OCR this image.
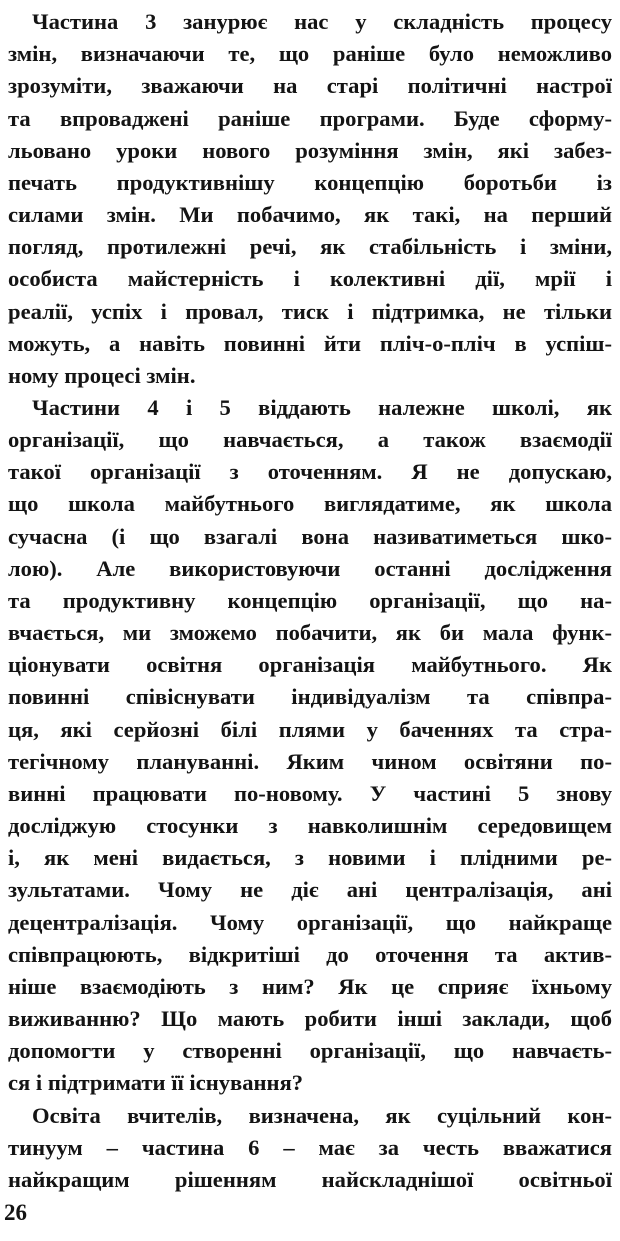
Частина 3 занурює нас у складність процесу
змін, визначаючи те, що раніше було неможливо
зрозуміти, зважаючи на старі політичні настрої
та впроваджені раніше програми. Буде сформу-
льовано уроки нового розуміння змін, які забез-
печать продуктивнішу концепцію боротьби із
силами змін. Ми побачимо, як такі, на перший
погляд, протилежні речі, як стабільність і зміни,
особиста майстерність і колективні дії, мрії і
реалії, успіх і провал, тиск і підтримка, не тільки
можуть, а навіть повинні йти пліч-о-пліч в успіш-
ному процесі змін.
Частини 4 і 5 віддають належне школі, як
організації, що навчається, а також взаємодії
такої організації з оточенням. Я не допускаю,
що школа майбутнього виглядатиме, як школа
сучасна (і що взагалі вона називатиметься шко-
лою). Але використовуючи останні дослідження
та продуктивну концепцію організації, що на-
вчається, ми зможемо побачити, як би мала функ-
ціонувати освітня організація майбутнього. Як
повинні співіснувати індивідуалізм та співпра-
ця, які серйозні білі плями у баченнях та стра-
тегічному плануванні. Яким чином освітяни по-
винні працювати по-новому. У частині 5 знову
досліджую стосунки з навколишнім середовищем
і, як мені видається, з новими і плідними ре-
зультатами. Чому не діє ані централізація, ані
децентралізація. Чому організації, що найкраще
співпрацюють, відкритіші до оточення та актив-
ніше взаємодіють з ним? Як це сприяє їхньому
виживанню? Що мають робити інші заклади, щоб
допомогти у створенні організації, що навчаєть-
ся і підтримати її існування?
Освіта вчителів, визначена, як суцільний кон-
тинуум – частина 6 – має за честь вважатися
найкращим рішенням найскладнішої освітньої
26
